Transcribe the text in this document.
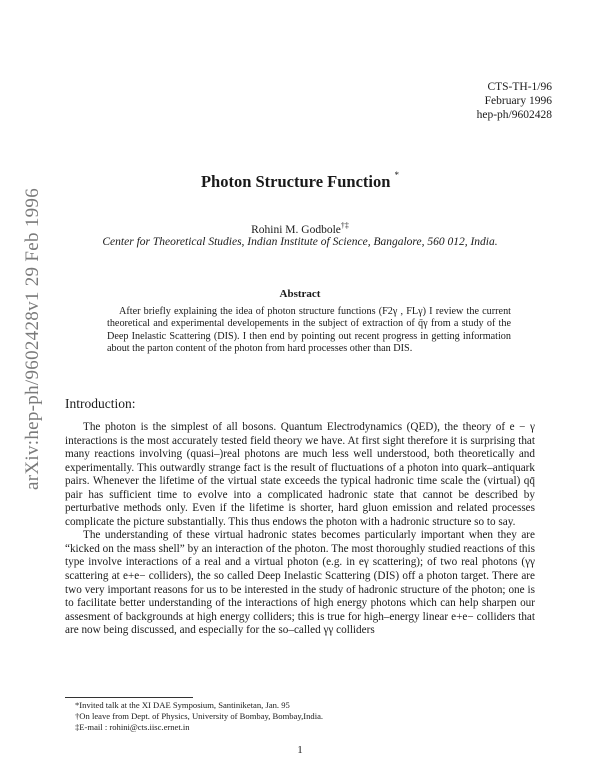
arXiv:hep-ph/9602428v1 29 Feb 1996
CTS-TH-1/96
February 1996
hep-ph/9602428
Photon Structure Function *
Rohini M. Godbole†‡
Center for Theoretical Studies, Indian Institute of Science, Bangalore, 560 012, India.
Abstract
After briefly explaining the idea of photon structure functions (F2γ , FLγ) I review the current theoretical and experimental developements in the subject of extraction of q̄γ from a study of the Deep Inelastic Scattering (DIS). I then end by pointing out recent progress in getting information about the parton content of the photon from hard processes other than DIS.
Introduction:

The photon is the simplest of all bosons. Quantum Electrodynamics (QED), the theory of e − γ interactions is the most accurately tested field theory we have. At first sight therefore it is surprising that many reactions involving (quasi–)real photons are much less well understood, both theoretically and experimentally. This outwardly strange fact is the result of fluctuations of a photon into quark–antiquark pairs. Whenever the lifetime of the virtual state exceeds the typical hadronic time scale the (virtual) qq̄ pair has sufficient time to evolve into a complicated hadronic state that cannot be described by perturbative methods only. Even if the lifetime is shorter, hard gluon emission and related processes complicate the picture substantially. This thus endows the photon with a hadronic structure so to say.

The understanding of these virtual hadronic states becomes particularly important when they are “kicked on the mass shell” by an interaction of the photon. The most thoroughly studied reactions of this type involve interactions of a real and a virtual photon (e.g. in eγ scattering); of two real photons (γγ scattering at e+e− colliders), the so called Deep Inelastic Scattering (DIS) off a photon target. There are two very important reasons for us to be interested in the study of hadronic structure of the photon; one is to facilitate better understanding of the interactions of high energy photons which can help sharpen our assesment of backgrounds at high energy colliders; this is true for high–energy linear e+e− colliders that are now being discussed, and especially for the so–called γγ colliders

*Invited talk at the XI DAE Symposium, Santiniketan, Jan. 95
†On leave from Dept. of Physics, University of Bombay, Bombay,India.
‡E-mail : rohini@cts.iisc.ernet.in
1
